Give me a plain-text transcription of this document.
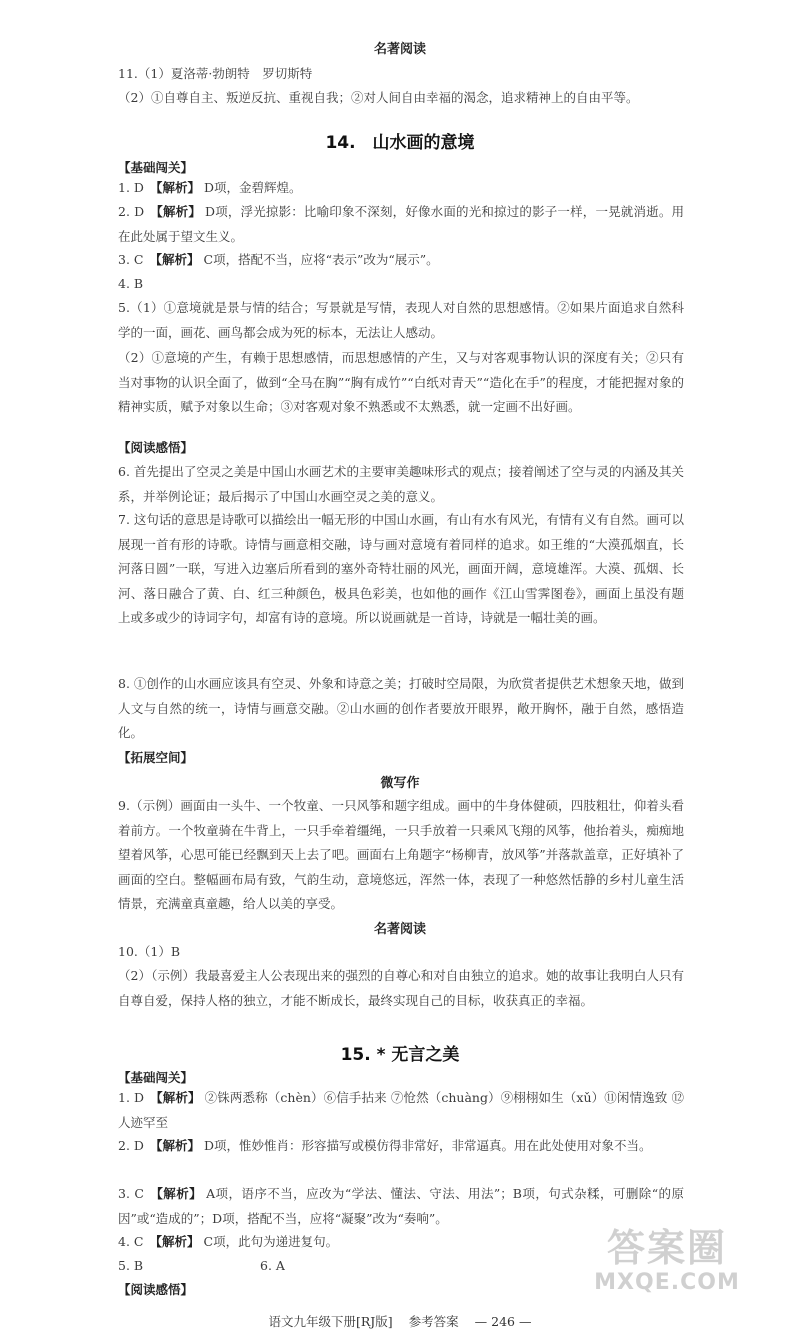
名著阅读
11.（1）夏洛蒂·勃朗特　罗切斯特
（2）①自尊自主、叛逆反抗、重视自我；②对人间自由幸福的渴念，追求精神上的自由平等。
14.　山水画的意境
【 基础闯关 】
1. D 【 解析 】 D项，金碧辉煌。
2. D 【 解析 】 D项，浮光掠影：比喻印象不深刻，好像水面的光和掠过的影子一样，一晃就消逝。用在此处属于望文生义。
3. C 【 解析 】 C项，搭配不当，应将“表示”改为“展示”。
4. B
5.（1）①意境就是景与情的结合；写景就是写情，表现人对自然的思想感情。②如果片面追求自然科学的一面，画花、画鸟都会成为死的标本，无法让人感动。
（2）①意境的产生，有赖于思想感情，而思想感情的产生，又与对客观事物认识的深度有关；②只有当对事物的认识全面了，做到“全马在胸”“胸有成竹”“白纸对青天”“造化在手”的程度，才能把握对象的精神实质，赋予对象以生命；③对客观对象不熟悉或不太熟悉，就一定画不出好画。
【 阅读感悟 】
6. 首先提出了空灵之美是中国山水画艺术的主要审美趣味形式的观点；接着阐述了空与灵的内涵及其关系，并举例论证；最后揭示了中国山水画空灵之美的意义。
7. 这句话的意思是诗歌可以描绘出一幅无形的中国山水画，有山有水有风光，有情有义有自然。画可以展现一首有形的诗歌。诗情与画意相交融，诗与画对意境有着同样的追求。如王维的“大漠孤烟直，长河落日圆”一联，写进入边塞后所看到的塞外奇特壮丽的风光，画面开阔，意境雄浑。大漠、孤烟、长河、落日融合了黄、白、红三种颜色，极具色彩美，也如他的画作《江山雪霁图卷》，画面上虽没有题上或多或少的诗词字句，却富有诗的意境。所以说画就是一首诗，诗就是一幅壮美的画。
8. ①创作的山水画应该具有空灵、外象和诗意之美；打破时空局限，为欣赏者提供艺术想象天地，做到人文与自然的统一，诗情与画意交融。②山水画的创作者要放开眼界，敞开胸怀，融于自然，感悟造化。
【 拓展空间 】
微写作
9.（示例）画面由一头牛、一个牧童、一只风筝和题字组成。画中的牛身体健硕，四肢粗壮，仰着头看着前方。一个牧童骑在牛背上，一只手牵着缰绳，一只手放着一只乘风飞翔的风筝，他抬着头，痴痴地望着风筝，心思可能已经飘到天上去了吧。画面右上角题字“杨柳青，放风筝”并落款盖章，正好填补了画面的空白。整幅画布局有致，气韵生动，意境悠远，浑然一体，表现了一种悠然恬静的乡村儿童生活情景，充满童真童趣，给人以美的享受。
名著阅读
10.（1）B
（2）（示例）我最喜爱主人公表现出来的强烈的自尊心和对自由独立的追求。她的故事让我明白人只有自尊自爱，保持人格的独立，才能不断成长，最终实现自己的目标，收获真正的幸福。
15. * 无言之美
【 基础闯关 】
1. D 【 解析 】 ②铢两悉称（chèn）⑥信手拈来 ⑦怆然（chuàng）⑨栩栩如生（xǔ）⑪闲情逸致 ⑫人迹罕至
2. D 【 解析 】 D项，惟妙惟肖：形容描写或模仿得非常好，非常逼真。用在此处使用对象不当。
3. C 【 解析 】 A项，语序不当，应改为“学法、懂法、守法、用法”；B项，句式杂糅，可删除“的原因”或“造成的”；D项，搭配不当，应将“凝聚”改为“奏响”。
4. C 【 解析 】 C项，此句为递进复句。
5. B
【 阅读感悟 】
6. A
语文九年级下册[RJ版] 参考答案 — 246 —
答案圈
MXQE.COM
